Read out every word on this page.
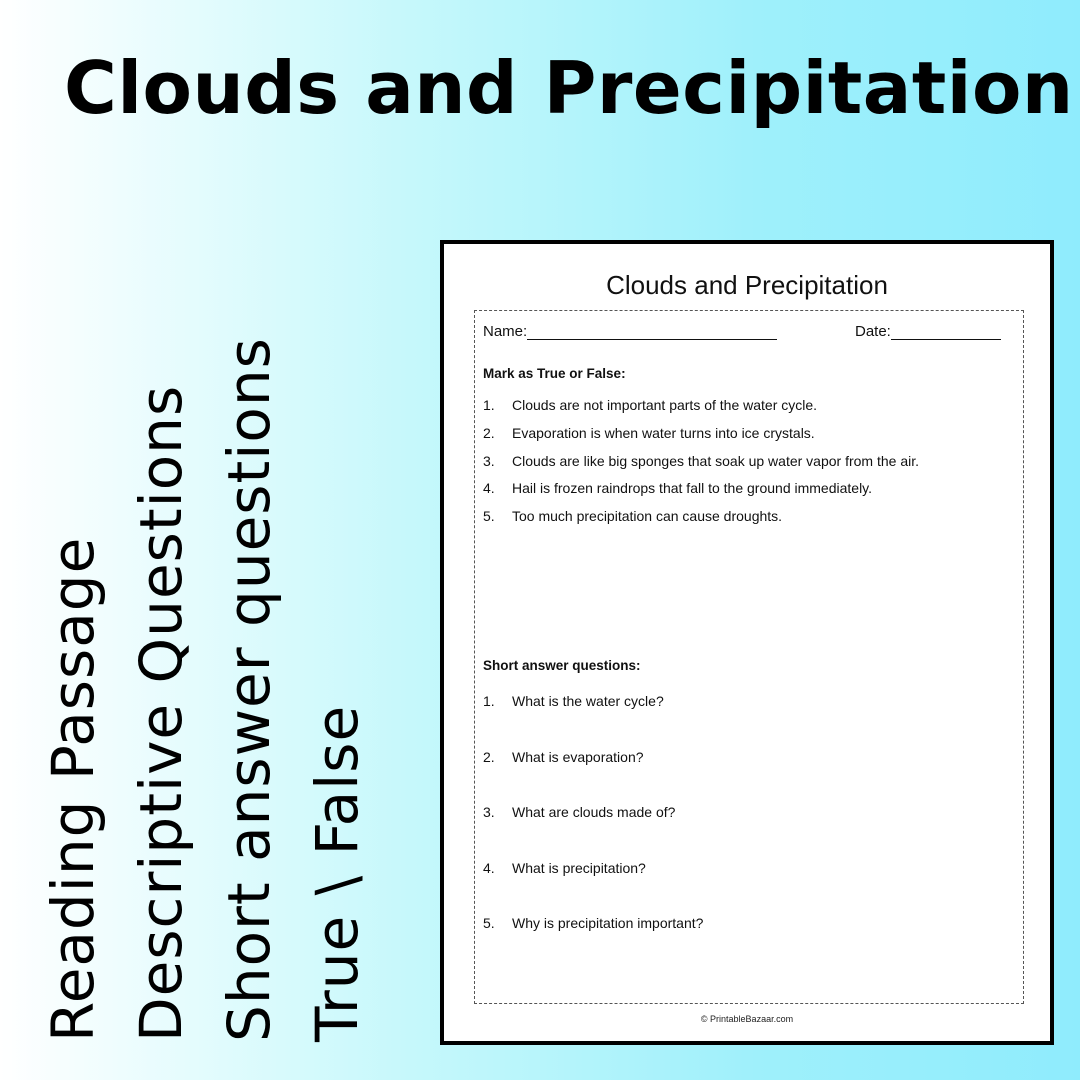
Clouds and Precipitation
Reading Passage Descriptive Questions Short answer questions True \ False
Clouds and Precipitation
Name:	Date:
Mark as True or False:
1. Clouds are not important parts of the water cycle.
2. Evaporation is when water turns into ice crystals.
3. Clouds are like big sponges that soak up water vapor from the air.
4. Hail is frozen raindrops that fall to the ground immediately.
5. Too much precipitation can cause droughts.
Short answer questions:
1. What is the water cycle?
2. What is evaporation?
3. What are clouds made of?
4. What is precipitation?
5. Why is precipitation important?
© PrintableBazaar.com
